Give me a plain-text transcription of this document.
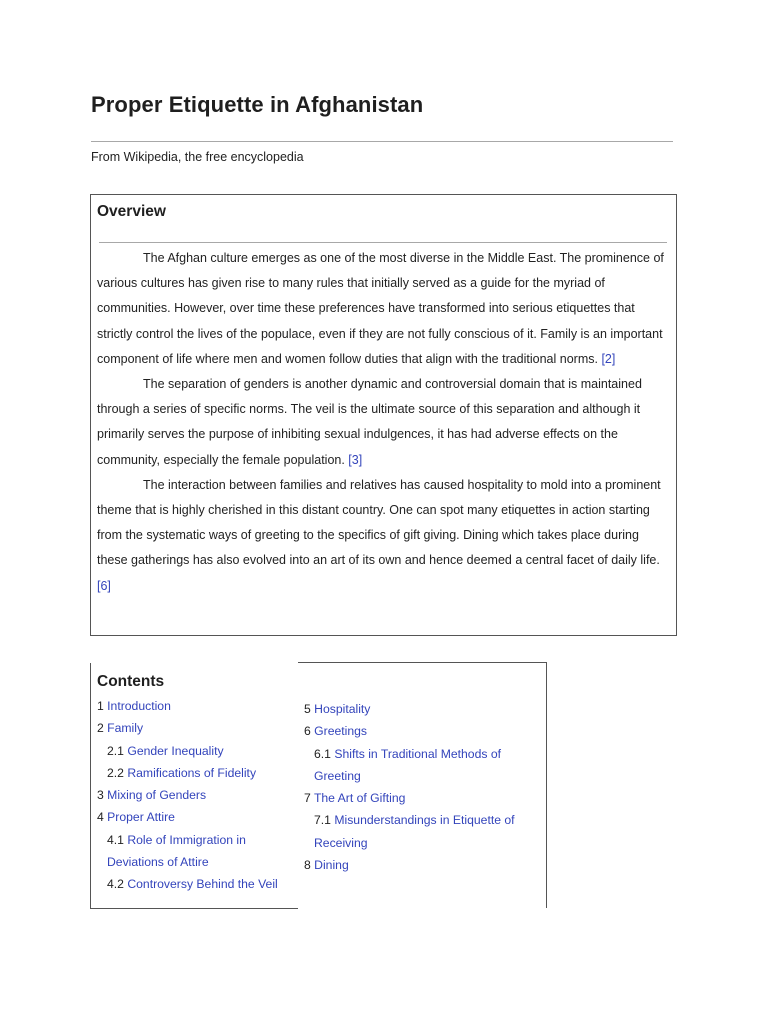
Proper Etiquette in Afghanistan
From Wikipedia, the free encyclopedia
Overview

The Afghan culture emerges as one of the most diverse in the Middle East. The prominence of various cultures has given rise to many rules that initially served as a guide for the myriad of communities. However, over time these preferences have transformed into serious etiquettes that strictly control the lives of the populace, even if they are not fully conscious of it. Family is an important component of life where men and women follow duties that align with the traditional norms. [2]

The separation of genders is another dynamic and controversial domain that is maintained through a series of specific norms. The veil is the ultimate source of this separation and although it primarily serves the purpose of inhibiting sexual indulgences, it has had adverse effects on the community, especially the female population. [3]

The interaction between families and relatives has caused hospitality to mold into a prominent theme that is highly cherished in this distant country. One can spot many etiquettes in action starting from the systematic ways of greeting to the specifics of gift giving. Dining which takes place during these gatherings has also evolved into an art of its own and hence deemed a central facet of daily life. [6]

Contents
1 Introduction
2 Family
2.1 Gender Inequality
2.2 Ramifications of Fidelity
3 Mixing of Genders
4 Proper Attire
4.1 Role of Immigration in Deviations of Attire
4.2 Controversy Behind the Veil
5 Hospitality
6 Greetings
6.1 Shifts in Traditional Methods of Greeting
7 The Art of Gifting
7.1 Misunderstandings in Etiquette of Receiving
8 Dining
